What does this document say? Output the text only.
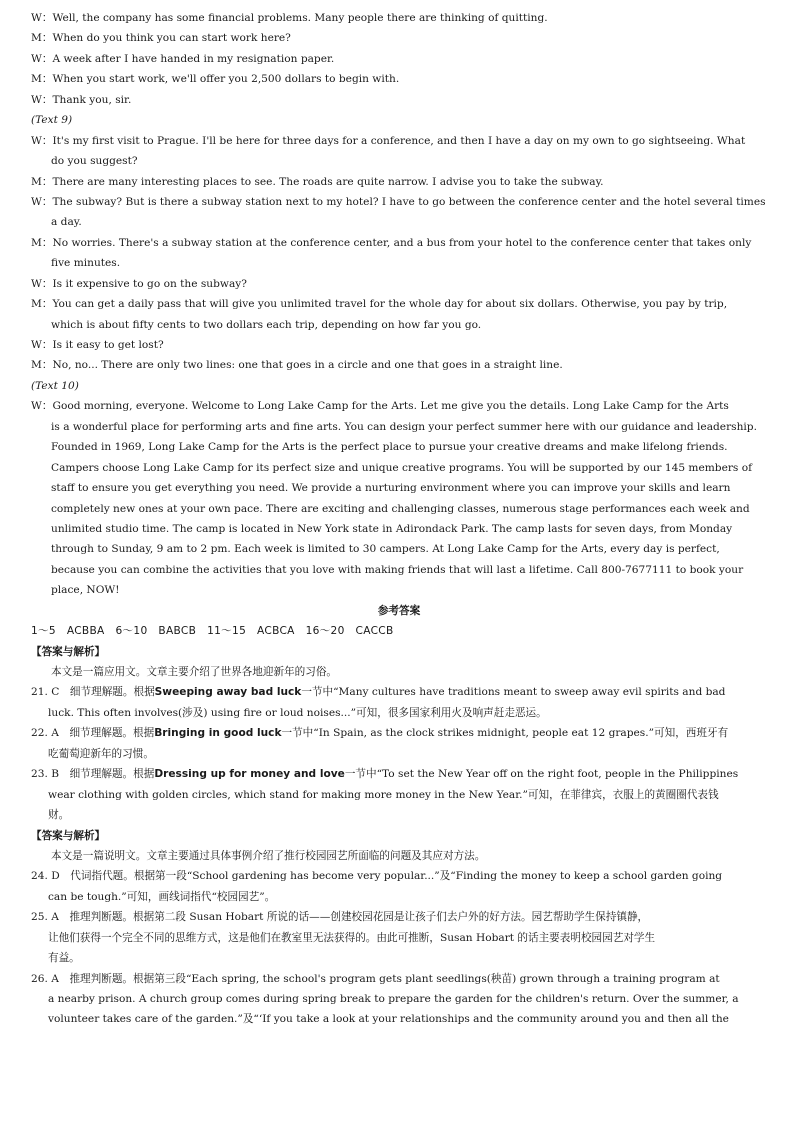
W：Well, the company has some financial problems. Many people there are thinking of quitting.
M：When do you think you can start work here?
W：A week after I have handed in my resignation paper.
M：When you start work, we'll offer you 2,500 dollars to begin with.
W：Thank you, sir.
(Text 9)
W：It's my first visit to Prague. I'll be here for three days for a conference, and then I have a day on my own to go sightseeing. What
do you suggest?
M：There are many interesting places to see. The roads are quite narrow. I advise you to take the subway.
W：The subway? But is there a subway station next to my hotel? I have to go between the conference center and the hotel several times
a day.
M：No worries. There's a subway station at the conference center, and a bus from your hotel to the conference center that takes only
five minutes.
W：Is it expensive to go on the subway?
M：You can get a daily pass that will give you unlimited travel for the whole day for about six dollars. Otherwise, you pay by trip,
which is about fifty cents to two dollars each trip, depending on how far you go.
W：Is it easy to get lost?
M：No, no... There are only two lines: one that goes in a circle and one that goes in a straight line.
(Text 10)
W：Good morning, everyone. Welcome to Long Lake Camp for the Arts. Let me give you the details. Long Lake Camp for the Arts
is a wonderful place for performing arts and fine arts. You can design your perfect summer here with our guidance and leadership.
Founded in 1969, Long Lake Camp for the Arts is the perfect place to pursue your creative dreams and make lifelong friends.
Campers choose Long Lake Camp for its perfect size and unique creative programs. You will be supported by our 145 members of
staff to ensure you get everything you need. We provide a nurturing environment where you can improve your skills and learn
completely new ones at your own pace. There are exciting and challenging classes, numerous stage performances each week and
unlimited studio time. The camp is located in New York state in Adirondack Park. The camp lasts for seven days, from Monday
through to Sunday, 9 am to 2 pm. Each week is limited to 30 campers. At Long Lake Camp for the Arts, every day is perfect,
because you can combine the activities that you love with making friends that will last a lifetime. Call 800-7677111 to book your
place, NOW!
参考答案
1～5　ACBBA　6～10　BABCB　11～15　ACBCA　16～20　CACCB
【答案与解析】
本文是一篇应用文。文章主要介绍了世界各地迎新年的习俗。
21. C　细节理解题。根据Sweeping away bad luck一节中“Many cultures have traditions meant to sweep away evil spirits and bad
luck. This often involves(涉及) using fire or loud noises...”可知，很多国家利用火及响声赶走恶运。
22. A　细节理解题。根据Bringing in good luck一节中“In Spain, as the clock strikes midnight, people eat 12 grapes.”可知，西班牙有
吃葡萄迎新年的习惯。
23. B　细节理解题。根据Dressing up for money and love一节中“To set the New Year off on the right foot, people in the Philippines
wear clothing with golden circles, which stand for making more money in the New Year.”可知，在菲律宾，衣服上的黄圈圈代表钱
财。
【答案与解析】
本文是一篇说明文。文章主要通过具体事例介绍了推行校园园艺所面临的问题及其应对方法。
24. D　代词指代题。根据第一段“School gardening has become very popular...”及“Finding the money to keep a school garden going
can be tough.”可知，画线词指代“校园园艺”。
25. A　推理判断题。根据第二段 Susan Hobart 所说的话——创建校园花园是让孩子们去户外的好方法。园艺帮助学生保持镇静，
让他们获得一个完全不同的思维方式，这是他们在教室里无法获得的。由此可推断，Susan Hobart 的话主要表明校园园艺对学生
有益。
26. A　推理判断题。根据第三段“Each spring, the school's program gets plant seedlings(秧苗) grown through a training program at
a nearby prison. A church group comes during spring break to prepare the garden for the children's return. Over the summer, a
volunteer takes care of the garden.”及“‘If you take a look at your relationships and the community around you and then all the
